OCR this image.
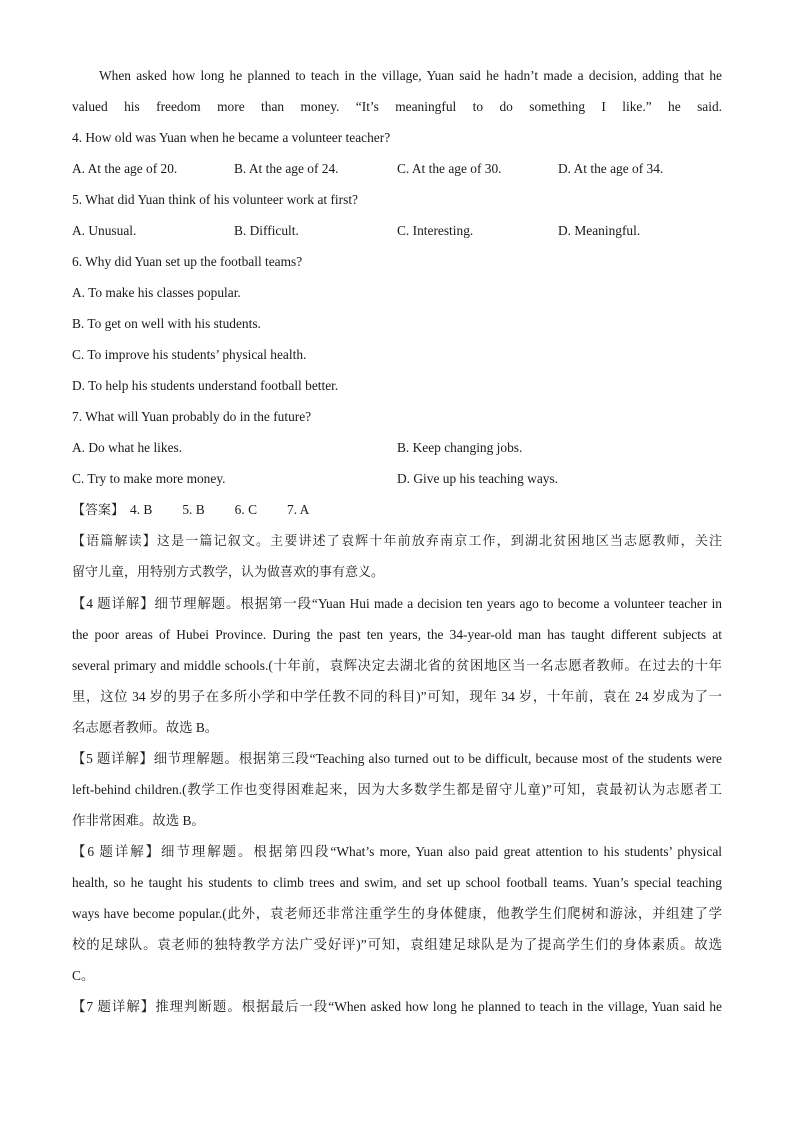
When asked how long he planned to teach in the village, Yuan said he hadn’t made a decision, adding that he
valued his freedom more than money. “It’s meaningful to do something I like.” he said.
4. How old was Yuan when he became a volunteer teacher?
A. At the age of 20.	B. At the age of 24.	C. At the age of 30.	D. At the age of 34.
5. What did Yuan think of his volunteer work at first?
A. Unusual.	B. Difficult.	C. Interesting.	D. Meaningful.
6. Why did Yuan set up the football teams?
A. To make his classes popular.
B. To get on well with his students.
C. To improve his students’ physical health.
D. To help his students understand football better.
7. What will Yuan probably do in the future?
A. Do what he likes.	B. Keep changing jobs.
C. Try to make more money.	D. Give up his teaching ways.
【答案】 4. B 5. B 6. C 7. A
【语篇解读】这是一篇记叙文。主要讲述了袁辉十年前放弃南京工作，到湖北贫困地区当志愿教师，关注
留守儿童，用特别方式教学，认为做喜欢的事有意义。
【4 题详解】细节理解题。根据第一段“Yuan Hui made a decision ten years ago to become a volunteer teacher in
the poor areas of Hubei Province. During the past ten years, the 34-year-old man has taught different subjects at
several primary and middle schools.(十年前，袁辉决定去湖北省的贫困地区当一名志愿者教师。在过去的十年
里，这位 34 岁的男子在多所小学和中学任教不同的科目)”可知，现年 34 岁，十年前，袁在 24 岁成为了一
名志愿者教师。故选 B。
【5 题详解】细节理解题。根据第三段“Teaching also turned out to be difficult, because most of the students were
left-behind children.(教学工作也变得困难起来，因为大多数学生都是留守儿童)”可知，袁最初认为志愿者工
作非常困难。故选 B。
【6 题详解】细节理解题。根据第四段“What’s more, Yuan also paid great attention to his students’ physical
health, so he taught his students to climb trees and swim, and set up school football teams. Yuan’s special teaching
ways have become popular.(此外，袁老师还非常注重学生的身体健康，他教学生们爬树和游泳，并组建了学
校的足球队。袁老师的独特教学方法广受好评)”可知，袁组建足球队是为了提高学生们的身体素质。故选
C。
【7 题详解】推理判断题。根据最后一段“When asked how long he planned to teach in the village, Yuan said he
